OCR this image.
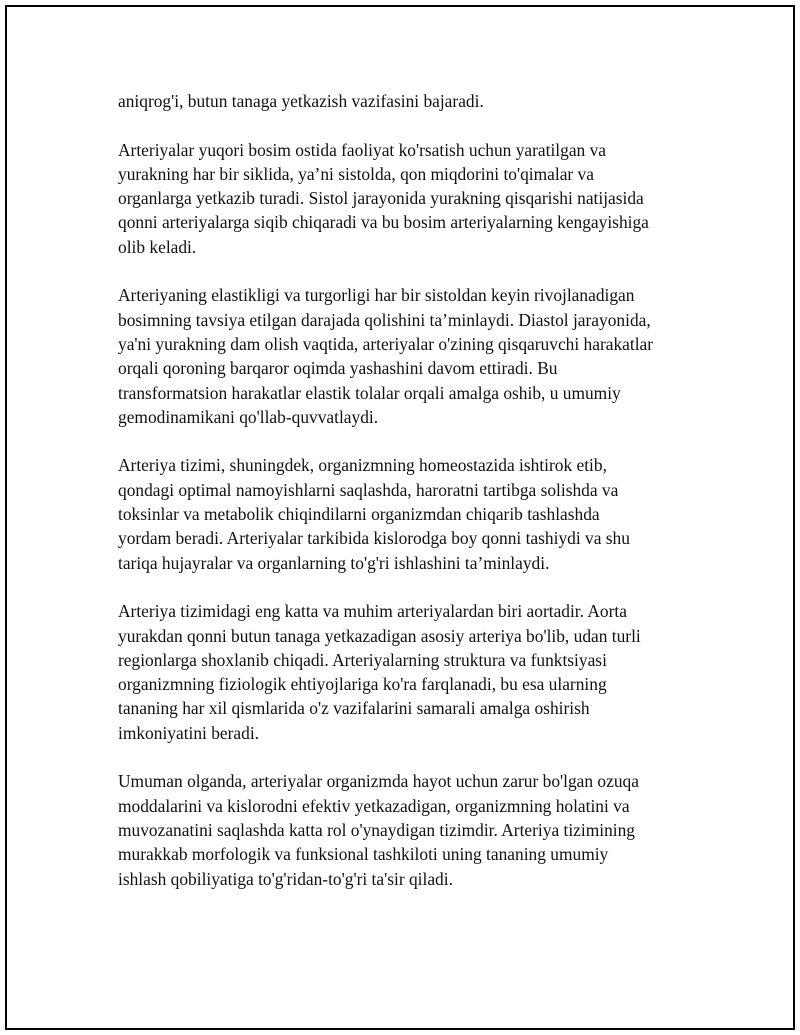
aniqrog'i, butun tanaga yetkazish vazifasini bajaradi.

Arteriyalar yuqori bosim ostida faoliyat ko'rsatish uchun yaratilgan va
yurakning har bir siklida, ya’ni sistolda, qon miqdorini to'qimalar va
organlarga yetkazib turadi. Sistol jarayonida yurakning qisqarishi natijasida
qonni arteriyalarga siqib chiqaradi va bu bosim arteriyalarning kengayishiga
olib keladi.

Arteriyaning elastikligi va turgorligi har bir sistoldan keyin rivojlanadigan
bosimning tavsiya etilgan darajada qolishini ta’minlaydi. Diastol jarayonida,
ya'ni yurakning dam olish vaqtida, arteriyalar o'zining qisqaruvchi harakatlar
orqali qoroning barqaror oqimda yashashini davom ettiradi. Bu
transformatsion harakatlar elastik tolalar orqali amalga oshib, u umumiy
gemodinamikani qo'llab-quvvatlaydi.

Arteriya tizimi, shuningdek, organizmning homeostazida ishtirok etib,
qondagi optimal namoyishlarni saqlashda, haroratni tartibga solishda va
toksinlar va metabolik chiqindilarni organizmdan chiqarib tashlashda
yordam beradi. Arteriyalar tarkibida kislorodga boy qonni tashiydi va shu
tariqa hujayralar va organlarning to'g'ri ishlashini ta’minlaydi.

Arteriya tizimidagi eng katta va muhim arteriyalardan biri aortadir. Aorta
yurakdan qonni butun tanaga yetkazadigan asosiy arteriya bo'lib, udan turli
regionlarga shoxlanib chiqadi. Arteriyalarning struktura va funktsiyasi
organizmning fiziologik ehtiyojlariga ko'ra farqlanadi, bu esa ularning
tananing har xil qismlarida o'z vazifalarini samarali amalga oshirish
imkoniyatini beradi.

Umuman olganda, arteriyalar organizmda hayot uchun zarur bo'lgan ozuqa
moddalarini va kislorodni efektiv yetkazadigan, organizmning holatini va
muvozanatini saqlashda katta rol o'ynaydigan tizimdir. Arteriya tizimining
murakkab morfologik va funksional tashkiloti uning tananing umumiy
ishlash qobiliyatiga to'g'ridan-to'g'ri ta'sir qiladi.
